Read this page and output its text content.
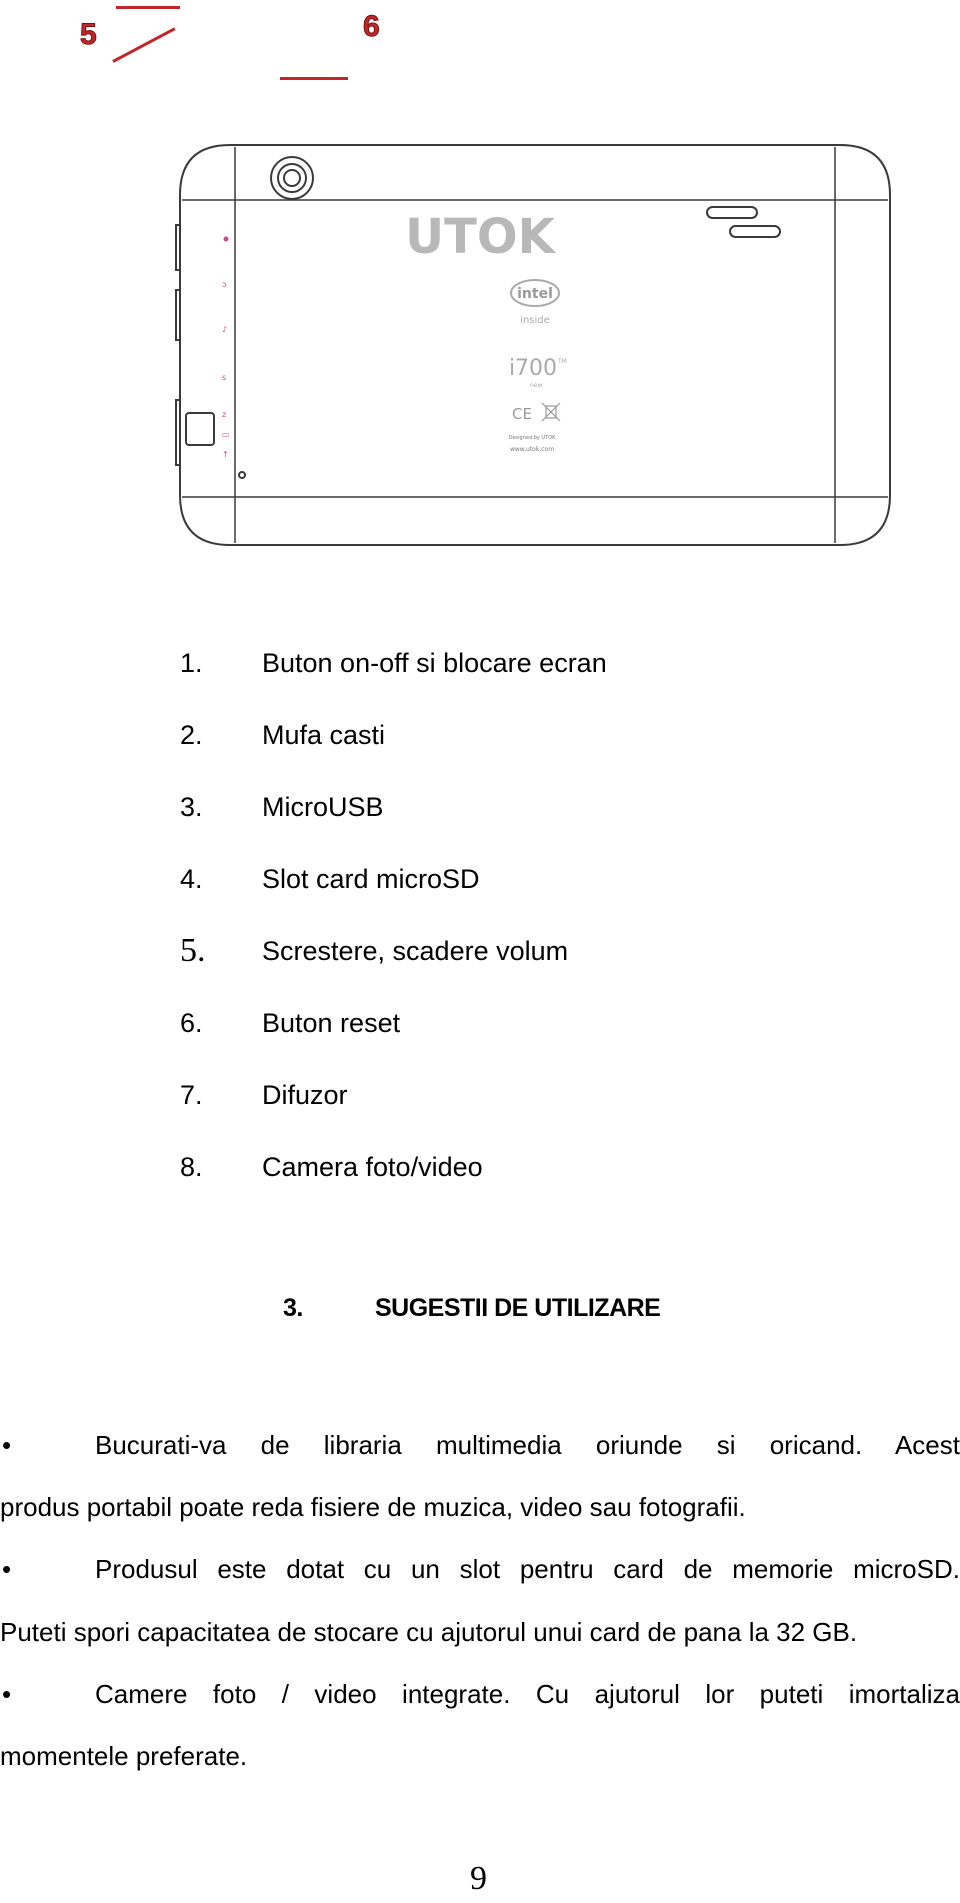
5	6
ↄ
♪
s
z
▭
↑
UTOK
intel
inside
i700 TM
new
CE
Designed by UTOK
www.utok.com
1.	Buton on-off si blocare ecran
2.	Mufa casti
3.	MicroUSB
4.	Slot card microSD
5.	Screstere, scadere volum
6.	Buton reset
7.	Difuzor
8.	Camera foto/video
3.	SUGESTII DE UTILIZARE
•	Bucurati-va de libraria multimedia oriunde si oricand. Acest
produs portabil poate reda fisiere de muzica, video sau fotografii.
•	Produsul este dotat cu un slot pentru card de memorie microSD.
Puteti spori capacitatea de stocare cu ajutorul unui card de pana la 32 GB.
•	Camere foto / video integrate. Cu ajutorul lor puteti imortaliza
momentele preferate.
9
